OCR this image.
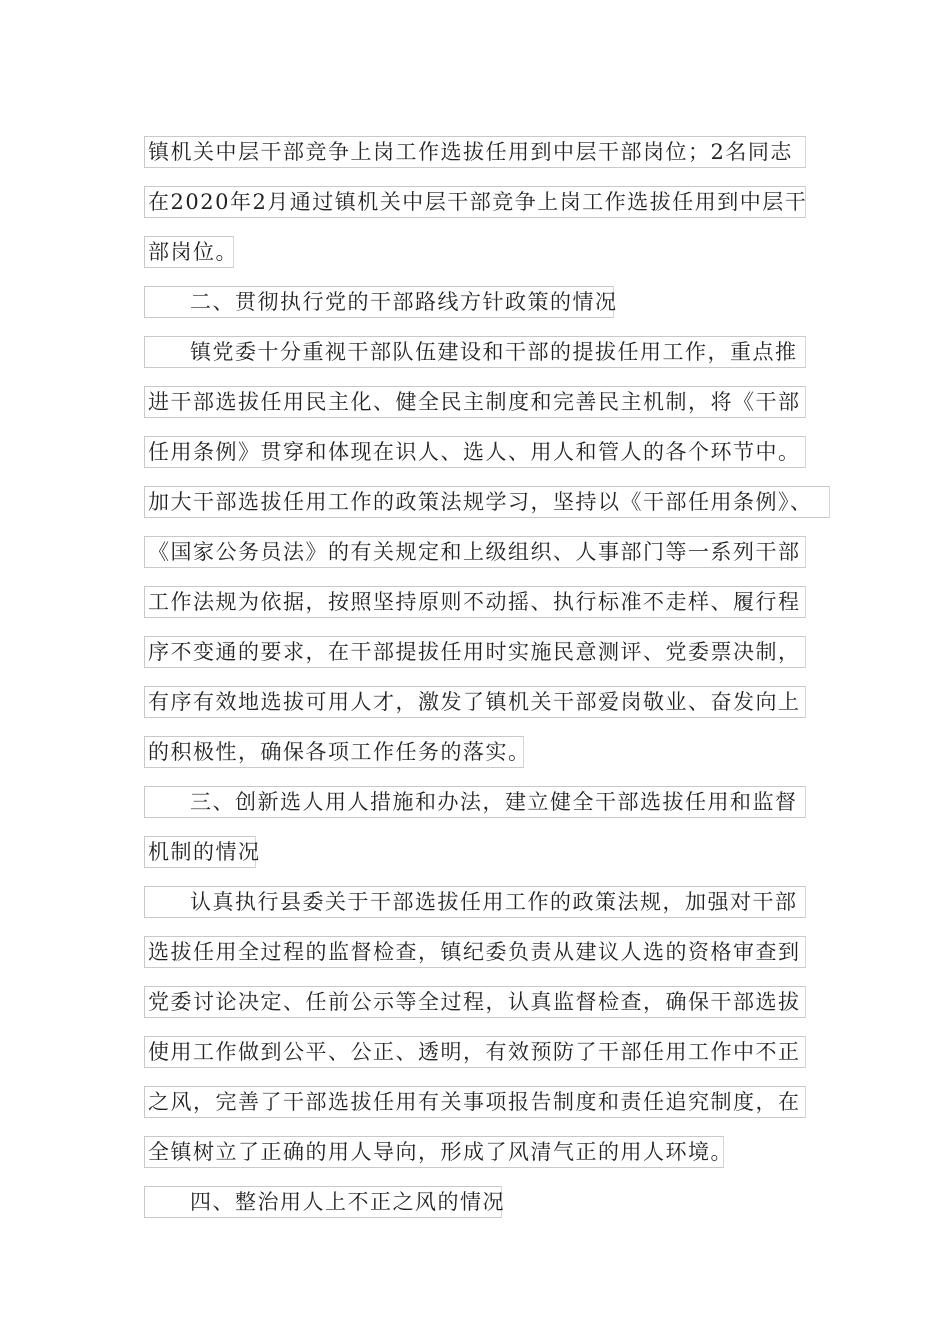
镇机关中层干部竞争上岗工作选拔任用到中层干部岗位；2名同志
在2020年2月通过镇机关中层干部竞争上岗工作选拔任用到中层干
部岗位。
二、贯彻执行党的干部路线方针政策的情况
镇党委十分重视干部队伍建设和干部的提拔任用工作，重点推
进干部选拔任用民主化、健全民主制度和完善民主机制，将《干部
任用条例》贯穿和体现在识人、选人、用人和管人的各个环节中。
加大干部选拔任用工作的政策法规学习，坚持以《干部任用条例》、
《国家公务员法》的有关规定和上级组织、人事部门等一系列干部
工作法规为依据，按照坚持原则不动摇、执行标准不走样、履行程
序不变通的要求，在干部提拔任用时实施民意测评、党委票决制，
有序有效地选拔可用人才，激发了镇机关干部爱岗敬业、奋发向上
的积极性，确保各项工作任务的落实。
三、创新选人用人措施和办法，建立健全干部选拔任用和监督
机制的情况
认真执行县委关于干部选拔任用工作的政策法规，加强对干部
选拔任用全过程的监督检查，镇纪委负责从建议人选的资格审查到
党委讨论决定、任前公示等全过程，认真监督检查，确保干部选拔
使用工作做到公平、公正、透明，有效预防了干部任用工作中不正
之风，完善了干部选拔任用有关事项报告制度和责任追究制度，在
全镇树立了正确的用人导向，形成了风清气正的用人环境。
四、整治用人上不正之风的情况
